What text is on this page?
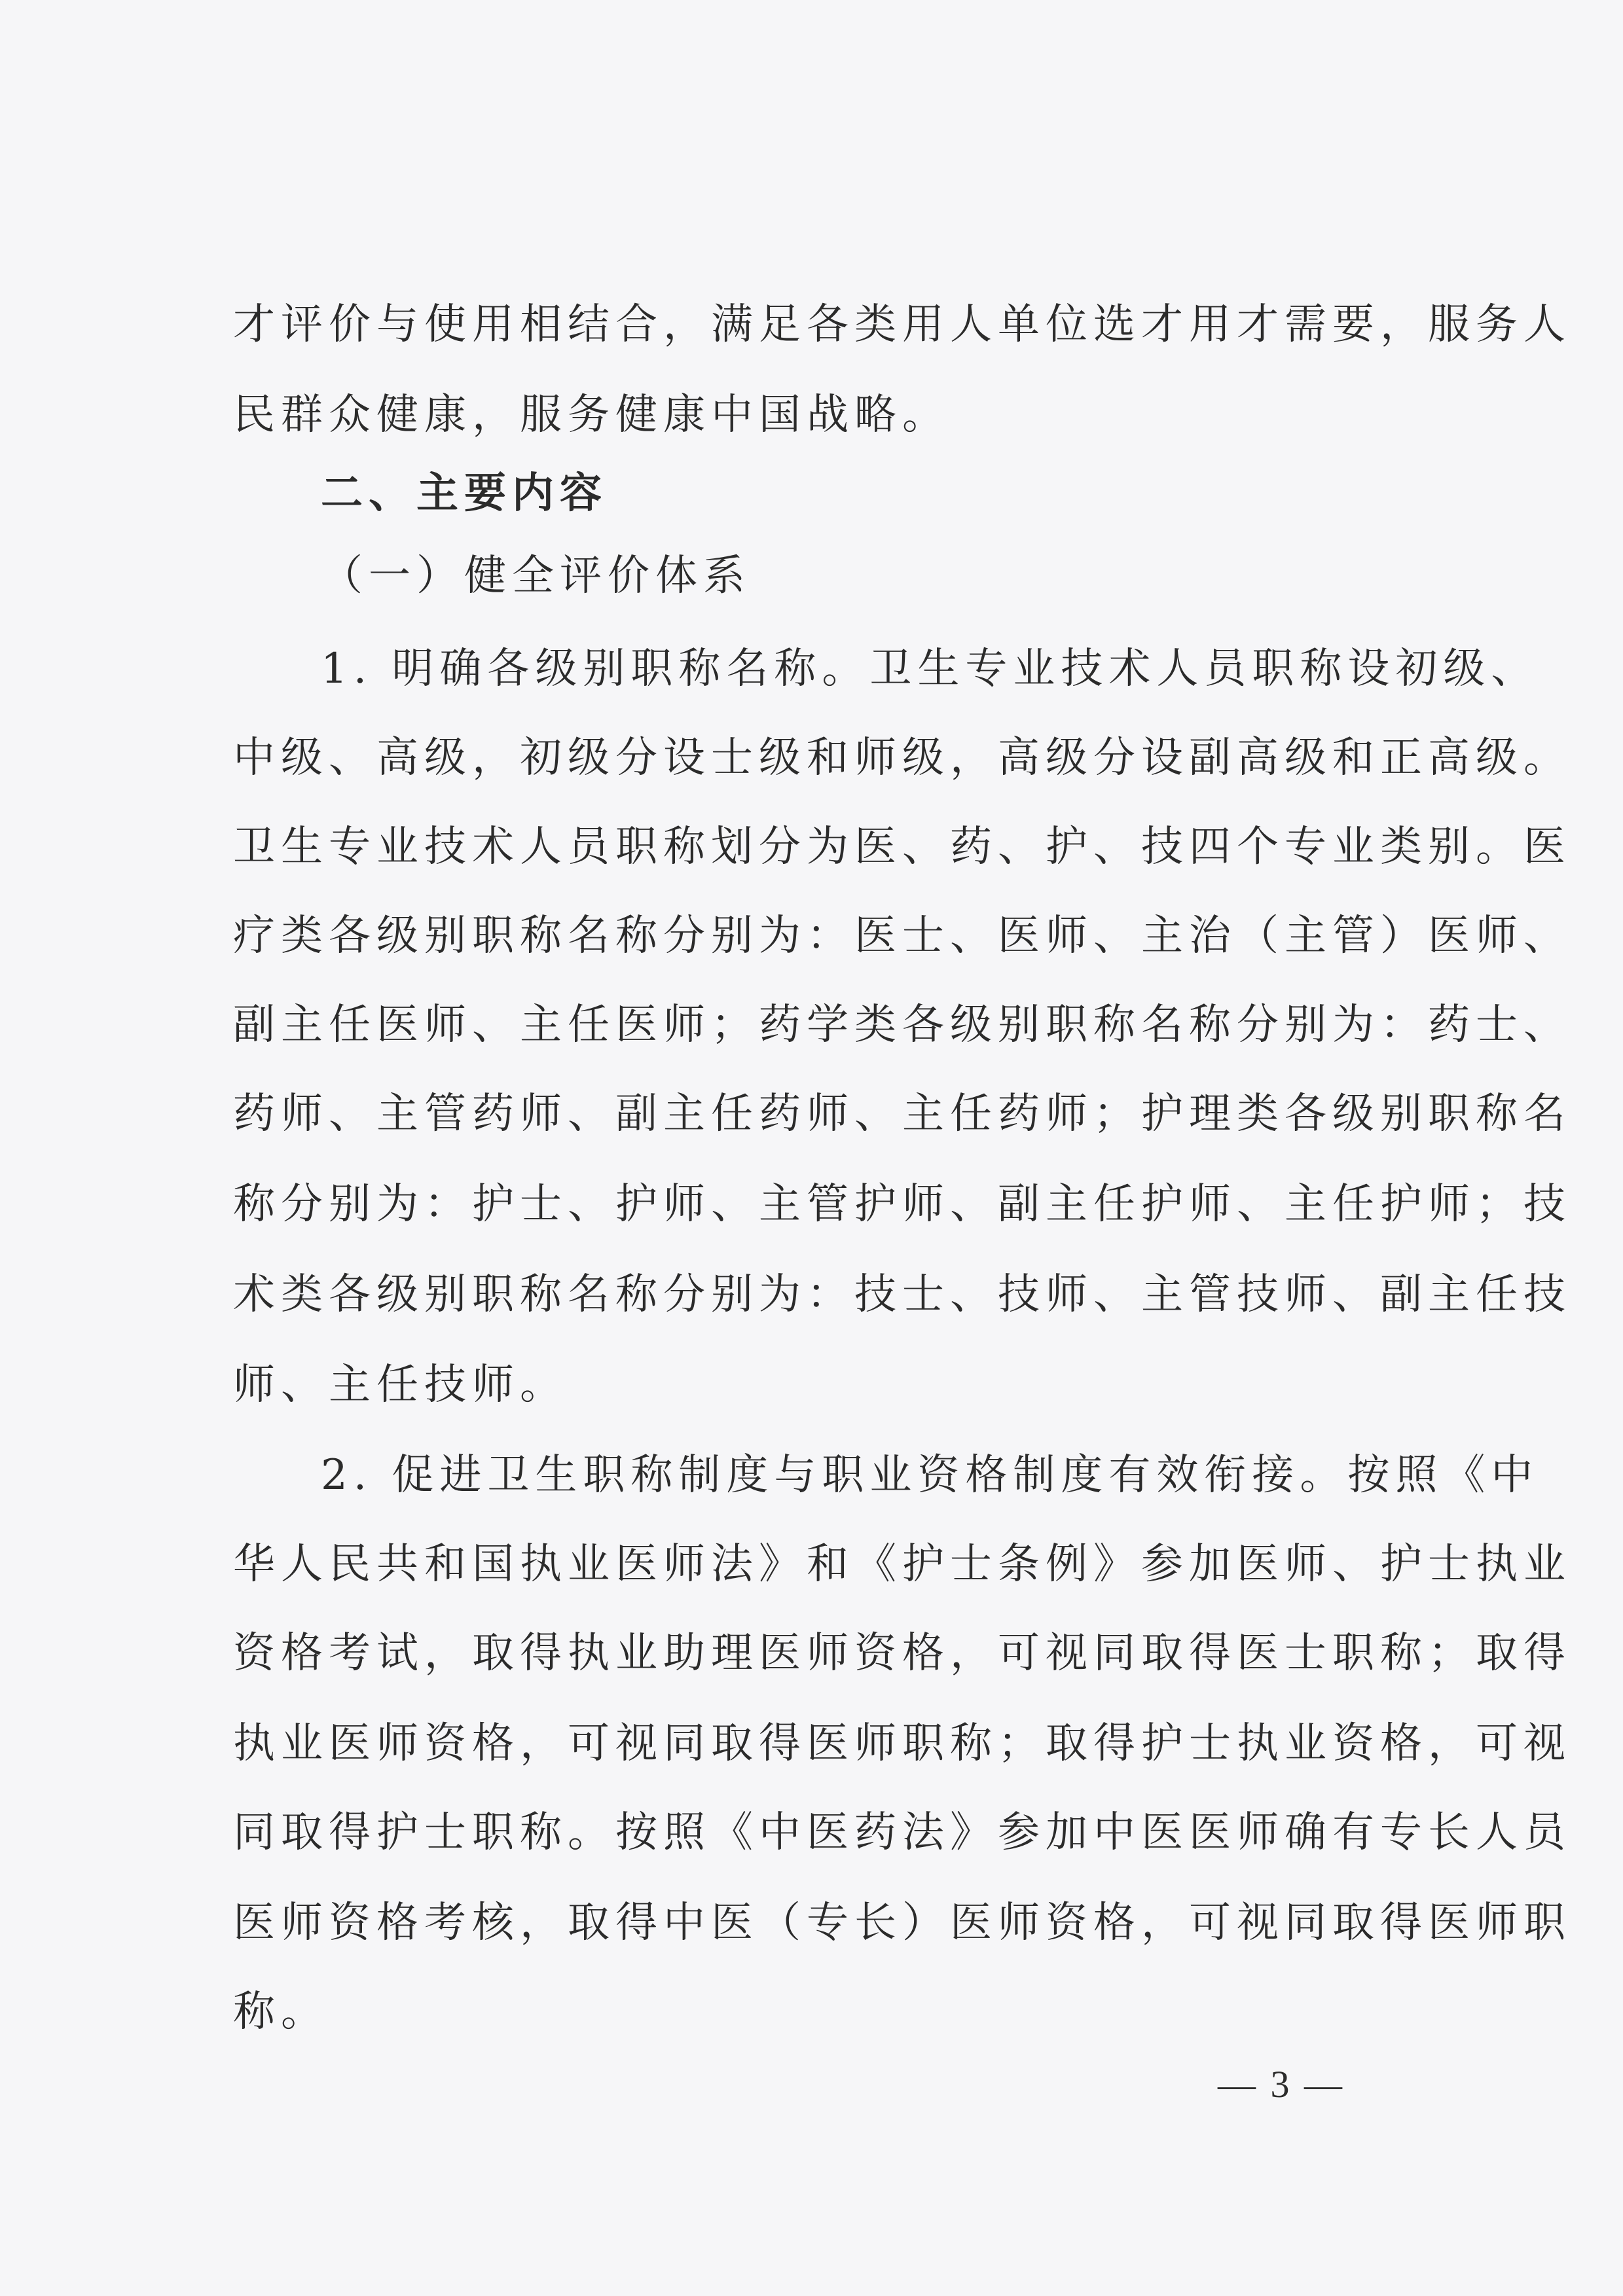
才评价与使用相结合，满足各类用人单位选才用才需要，服务人
民群众健康，服务健康中国战略。
二、主要内容
（一）健全评价体系
1. 明确各级别职称名称。卫生专业技术人员职称设初级、
中级、高级，初级分设士级和师级，高级分设副高级和正高级。
卫生专业技术人员职称划分为医、药、护、技四个专业类别。医
疗类各级别职称名称分别为：医士、医师、主治（主管）医师、
副主任医师、主任医师；药学类各级别职称名称分别为：药士、
药师、主管药师、副主任药师、主任药师；护理类各级别职称名
称分别为：护士、护师、主管护师、副主任护师、主任护师；技
术类各级别职称名称分别为：技士、技师、主管技师、副主任技
师、主任技师。
2. 促进卫生职称制度与职业资格制度有效衔接。按照《中
华人民共和国执业医师法》和《护士条例》参加医师、护士执业
资格考试，取得执业助理医师资格，可视同取得医士职称；取得
执业医师资格，可视同取得医师职称；取得护士执业资格，可视
同取得护士职称。按照《中医药法》参加中医医师确有专长人员
医师资格考核，取得中医（专长）医师资格，可视同取得医师职
称。
— 3 —
